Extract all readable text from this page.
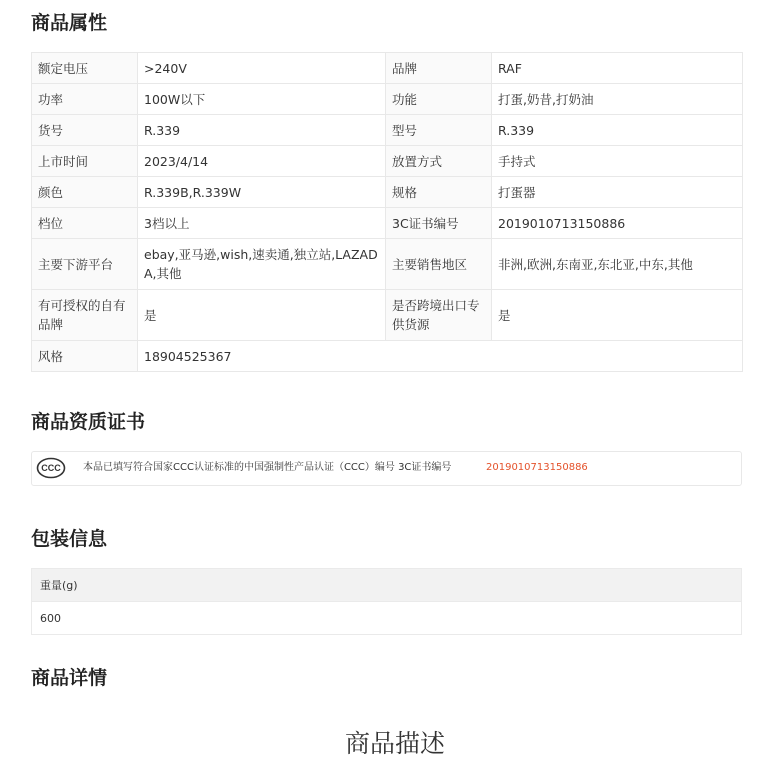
商品属性
额定电压	>240V	品牌	RAF
功率	100W以下	功能	打蛋,奶昔,打奶油
货号	R.339	型号	R.339
上市时间	2023/4/14	放置方式	手持式
颜色	R.339B,R.339W	规格	打蛋器
档位	3档以上	3C证书编号	2019010713150886
主要下游平台	ebay,亚马逊,wish,速卖通,独立站,LAZADA,其他	主要销售地区	非洲,欧洲,东南亚,东北亚,中东,其他
有可授权的自有品牌	是	是否跨境出口专供货源	是
风格	18904525367		
商品资质证书
CCC 本品已填写符合国家CCC认证标准的中国强制性产品认证（CCC）编号 3C证书编号	2019010713150886
包装信息
重量(g)
600
商品详情
商品描述
